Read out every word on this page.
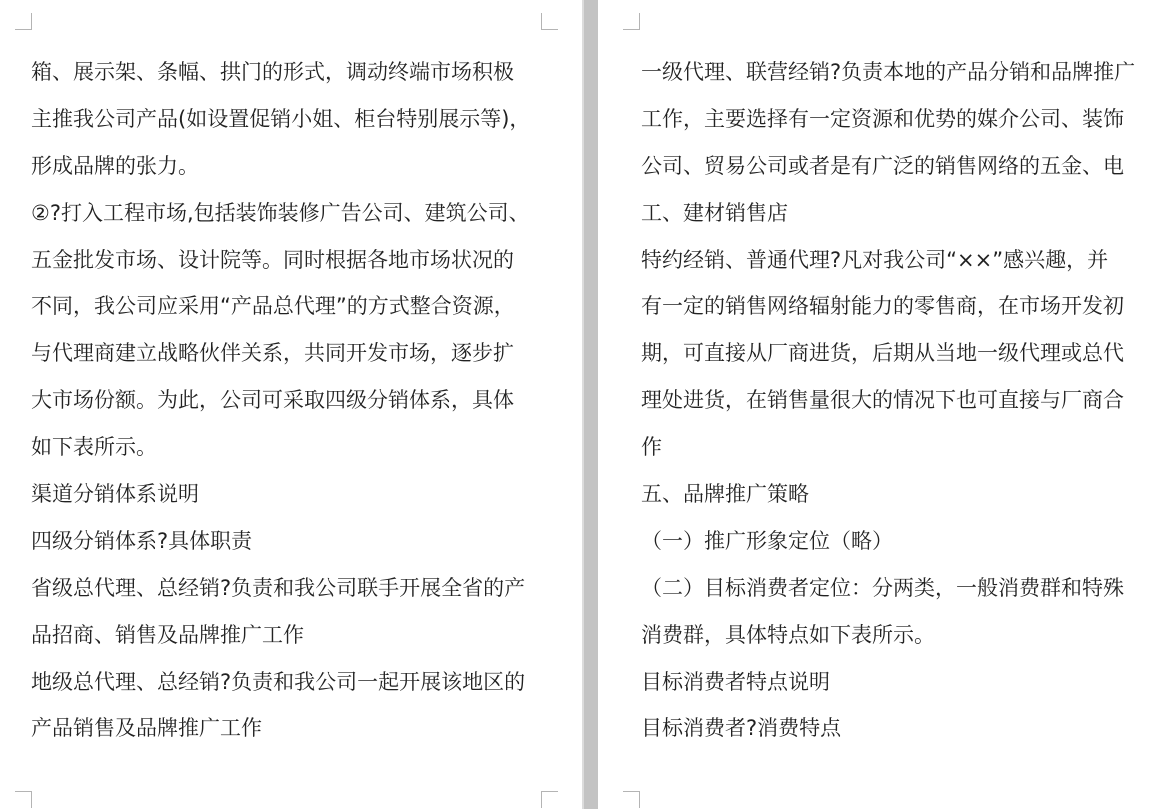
箱、展示架、条幅、拱门的形式，调动终端市场积极
主推我公司产品(如设置促销小姐、柜台特别展示等)，
形成品牌的张力。
②?打入工程市场,包括装饰装修广告公司、建筑公司、
五金批发市场、设计院等。同时根据各地市场状况的
不同，我公司应采用“产品总代理”的方式整合资源，
与代理商建立战略伙伴关系，共同开发市场，逐步扩
大市场份额。为此，公司可采取四级分销体系，具体
如下表所示。
渠道分销体系说明
四级分销体系?具体职责
省级总代理、总经销?负责和我公司联手开展全省的产
品招商、销售及品牌推广工作
地级总代理、总经销?负责和我公司一起开展该地区的
产品销售及品牌推广工作
一级代理、联营经销?负责本地的产品分销和品牌推广
工作，主要选择有一定资源和优势的媒介公司、装饰
公司、贸易公司或者是有广泛的销售网络的五金、电
工、建材销售店
特约经销、普通代理?凡对我公司“××”感兴趣，并
有一定的销售网络辐射能力的零售商，在市场开发初
期，可直接从厂商进货，后期从当地一级代理或总代
理处进货，在销售量很大的情况下也可直接与厂商合
作
五、品牌推广策略
（一）推广形象定位（略）
（二）目标消费者定位：分两类，一般消费群和特殊
消费群，具体特点如下表所示。
目标消费者特点说明
目标消费者?消费特点
